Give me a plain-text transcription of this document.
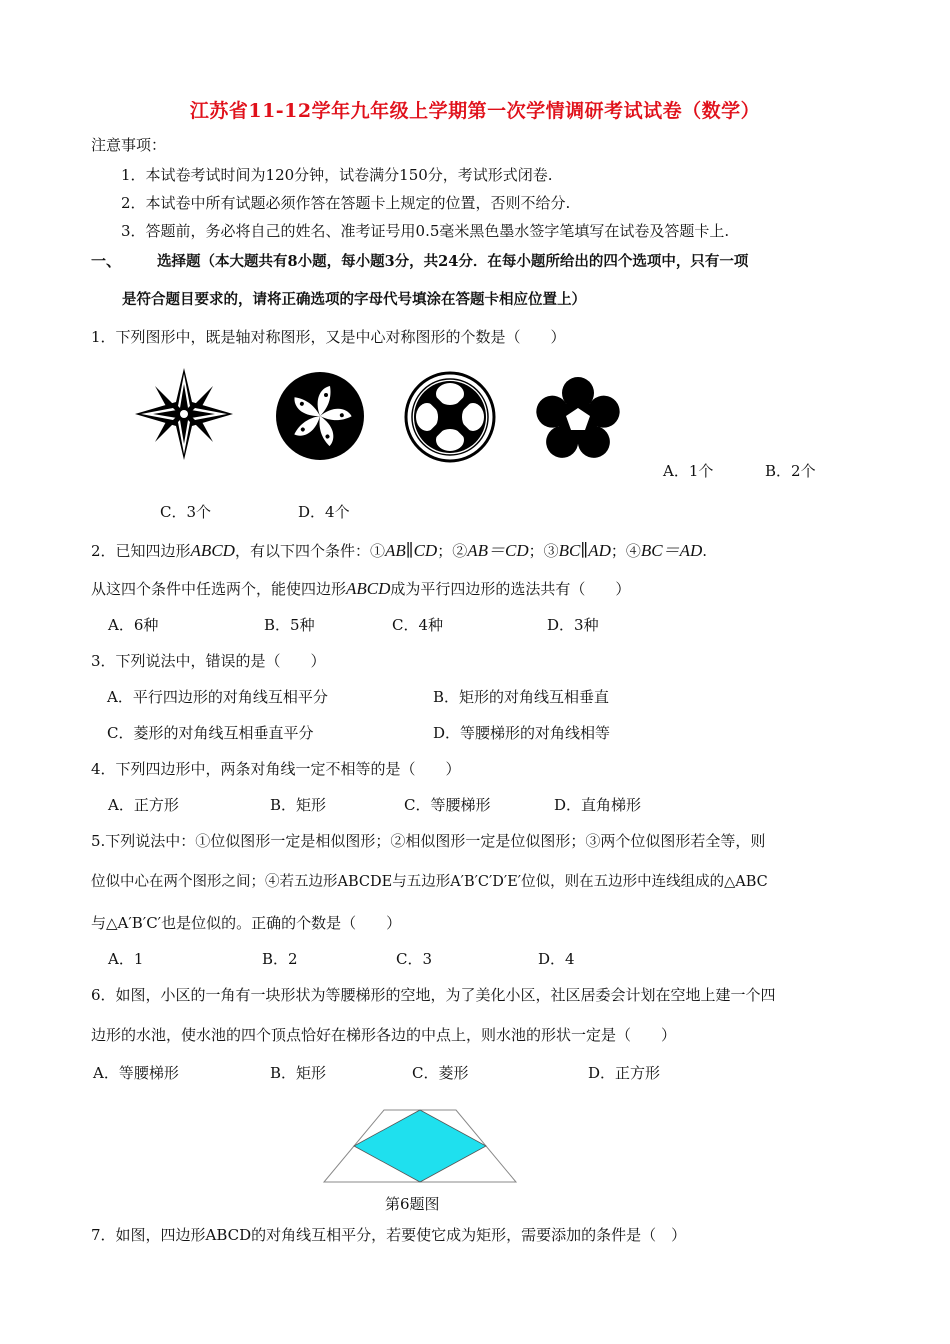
江苏省11-12学年九年级上学期第一次学情调研考试试卷（数学）
注意事项：
1．本试卷考试时间为120分钟，试卷满分150分，考试形式闭卷.
2．本试卷中所有试题必须作答在答题卡上规定的位置，否则不给分.
3．答题前，务必将自己的姓名、准考证号用0.5毫米黑色墨水签字笔填写在试卷及答题卡上.
一、 选择题（本大题共有8小题，每小题3分，共24分．在每小题所给出的四个选项中，只有一项
是符合题目要求的，请将正确选项的字母代号填涂在答题卡相应位置上）
1．下列图形中，既是轴对称图形，又是中心对称图形的个数是（　　）
A．1个	B．2个
C．3个	D．4个
2．已知四边形ABCD，有以下四个条件：①AB∥CD；②AB＝CD；③BC∥AD；④BC＝AD.
从这四个条件中任选两个，能使四边形ABCD成为平行四边形的选法共有（　　）
A．6种	B．5种	C．4种	D．3种
3．下列说法中，错误的是（　　）
A．平行四边形的对角线互相平分	B．矩形的对角线互相垂直
C．菱形的对角线互相垂直平分	D．等腰梯形的对角线相等
4．下列四边形中，两条对角线一定不相等的是（　　）
A．正方形	B．矩形	C．等腰梯形	D．直角梯形
5.下列说法中：①位似图形一定是相似图形；②相似图形一定是位似图形；③两个位似图形若全等，则
位似中心在两个图形之间；④若五边形ABCDE与五边形A′B′C′D′E′位似，则在五边形中连线组成的△ABC
与△A′B′C′也是位似的。正确的个数是（　　）
A．1	B．2	C．3	D．4
6．如图，小区的一角有一块形状为等腰梯形的空地，为了美化小区，社区居委会计划在空地上建一个四
边形的水池，使水池的四个顶点恰好在梯形各边的中点上，则水池的形状一定是（　　）
A．等腰梯形	B．矩形	C．菱形	D．正方形
第6题图
7．如图，四边形ABCD的对角线互相平分，若要使它成为矩形，需要添加的条件是（　）
